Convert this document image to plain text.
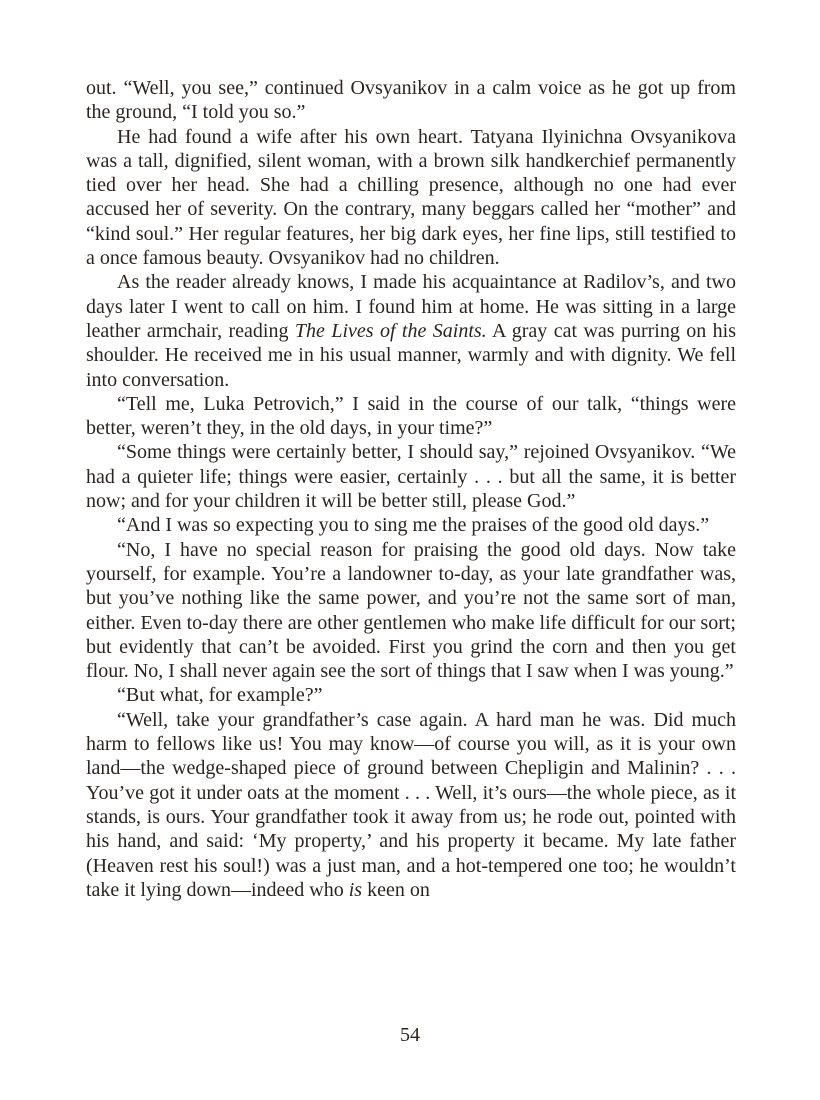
out. “Well, you see,” continued Ovsyanikov in a calm voice as he got up from the ground, “I told you so.”

He had found a wife after his own heart. Tatyana Ilyinichna Ovsyanikova was a tall, dignified, silent woman, with a brown silk handkerchief permanently tied over her head. She had a chilling presence, although no one had ever accused her of severity. On the contrary, many beggars called her “mother” and “kind soul.” Her regular features, her big dark eyes, her fine lips, still testified to a once famous beauty. Ovsyanikov had no children.

As the reader already knows, I made his acquaintance at Radilov’s, and two days later I went to call on him. I found him at home. He was sitting in a large leather armchair, reading The Lives of the Saints. A gray cat was purring on his shoulder. He received me in his usual manner, warmly and with dignity. We fell into conversation.

“Tell me, Luka Petrovich,” I said in the course of our talk, “things were better, weren’t they, in the old days, in your time?”

“Some things were certainly better, I should say,” rejoined Ovsyanikov. “We had a quieter life; things were easier, certainly . . . but all the same, it is better now; and for your children it will be better still, please God.”

“And I was so expecting you to sing me the praises of the good old days.”

“No, I have no special reason for praising the good old days. Now take yourself, for example. You’re a landowner to-day, as your late grandfather was, but you’ve nothing like the same power, and you’re not the same sort of man, either. Even to-day there are other gentlemen who make life difficult for our sort; but evidently that can’t be avoided. First you grind the corn and then you get flour. No, I shall never again see the sort of things that I saw when I was young.”

“But what, for example?”

“Well, take your grandfather’s case again. A hard man he was. Did much harm to fellows like us! You may know—of course you will, as it is your own land—the wedge-shaped piece of ground between Chepligin and Malinin? . . . You’ve got it under oats at the moment . . . Well, it’s ours—the whole piece, as it stands, is ours. Your grandfather took it away from us; he rode out, pointed with his hand, and said: ‘My property,’ and his property it became. My late father (Heaven rest his soul!) was a just man, and a hot-tempered one too; he wouldn’t take it lying down—indeed who is keen on

54
